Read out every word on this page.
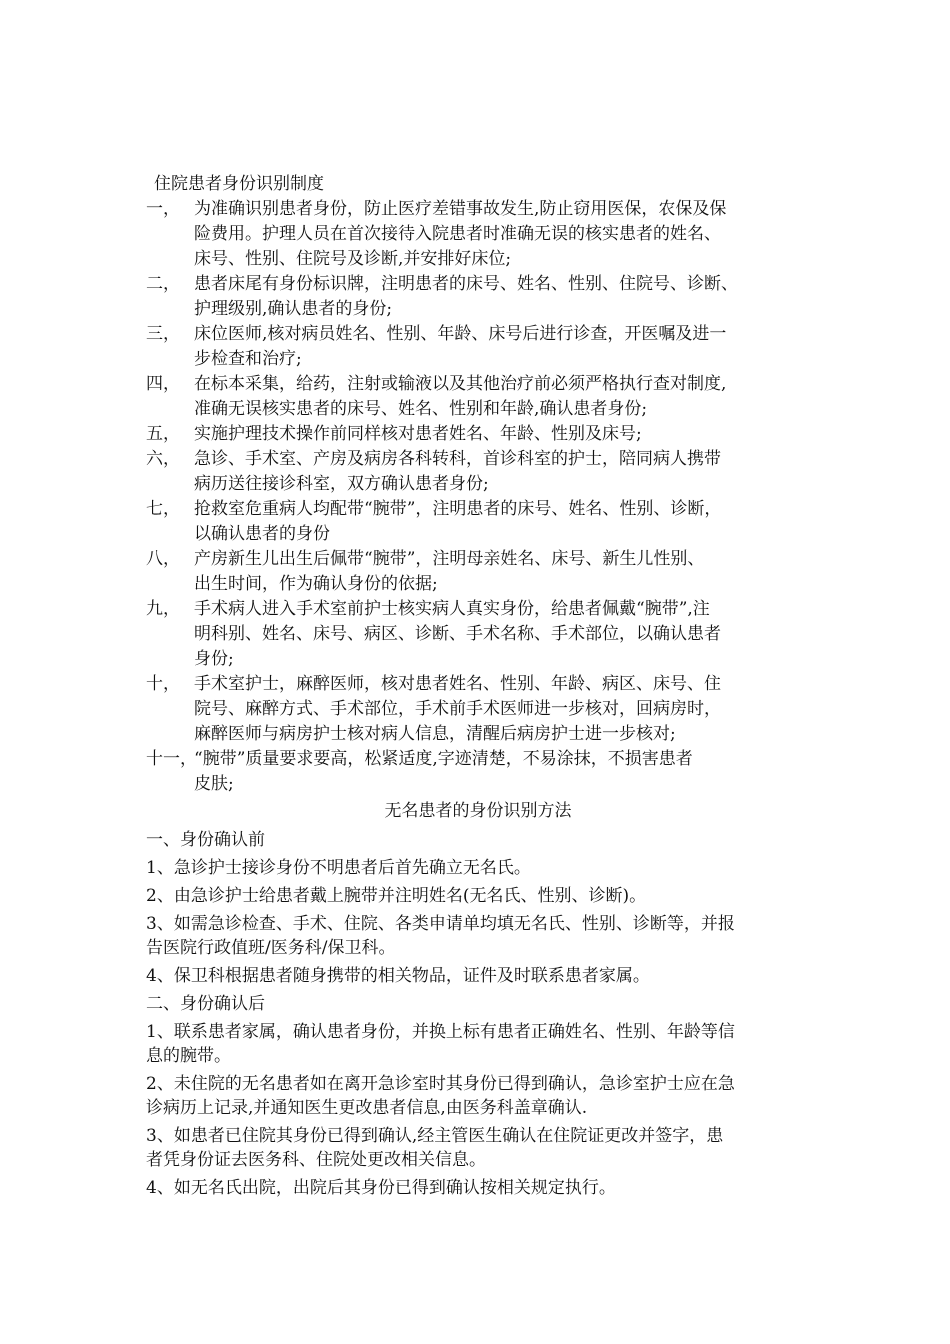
住院患者身份识别制度
一， 为准确识别患者身份，防止医疗差错事故发生,防止窃用医保，农保及保
险费用。护理人员在首次接待入院患者时准确无误的核实患者的姓名、
床号、性别、住院号及诊断,并安排好床位;
二， 患者床尾有身份标识牌，注明患者的床号、姓名、性别、住院号、诊断、
护理级别,确认患者的身份;
三， 床位医师,核对病员姓名、性别、年龄、床号后进行诊查，开医嘱及进一
步检查和治疗;
四， 在标本采集，给药，注射或输液以及其他治疗前必须严格执行查对制度,
准确无误核实患者的床号、姓名、性别和年龄,确认患者身份;
五， 实施护理技术操作前同样核对患者姓名、年龄、性别及床号;
六， 急诊、手术室、产房及病房各科转科，首诊科室的护士，陪同病人携带
病历送往接诊科室，双方确认患者身份;
七， 抢救室危重病人均配带“腕带”，注明患者的床号、姓名、性别、诊断，
以确认患者的身份
八， 产房新生儿出生后佩带“腕带”，注明母亲姓名、床号、新生儿性别、
出生时间，作为确认身份的依据;
九， 手术病人进入手术室前护士核实病人真实身份，给患者佩戴“腕带”,注
明科别、姓名、床号、病区、诊断、手术名称、手术部位，以确认患者
身份;
十， 手术室护士，麻醉医师，核对患者姓名、性别、年龄、病区、床号、住
院号、麻醉方式、手术部位，手术前手术医师进一步核对，回病房时，
麻醉医师与病房护士核对病人信息，清醒后病房护士进一步核对;
十一，
“腕带”质量要求要高，松紧适度,字迹清楚，不易涂抹，不损害患者
皮肤;
无名患者的身份识别方法
一、身份确认前
1、急诊护士接诊身份不明患者后首先确立无名氏。
2、由急诊护士给患者戴上腕带并注明姓名(无名氏、性别、诊断)。
3、如需急诊检查、手术、住院、各类申请单均填无名氏、性别、诊断等，并报
告医院行政值班/医务科/保卫科。
4、保卫科根据患者随身携带的相关物品，证件及时联系患者家属。
二、身份确认后
1、联系患者家属，确认患者身份，并换上标有患者正确姓名、性别、年龄等信
息的腕带。
2、未住院的无名患者如在离开急诊室时其身份已得到确认，急诊室护士应在急
诊病历上记录,并通知医生更改患者信息,由医务科盖章确认.
3、如患者已住院其身份已得到确认,经主管医生确认在住院证更改并签字，患
者凭身份证去医务科、住院处更改相关信息。
4、如无名氏出院，出院后其身份已得到确认按相关规定执行。
